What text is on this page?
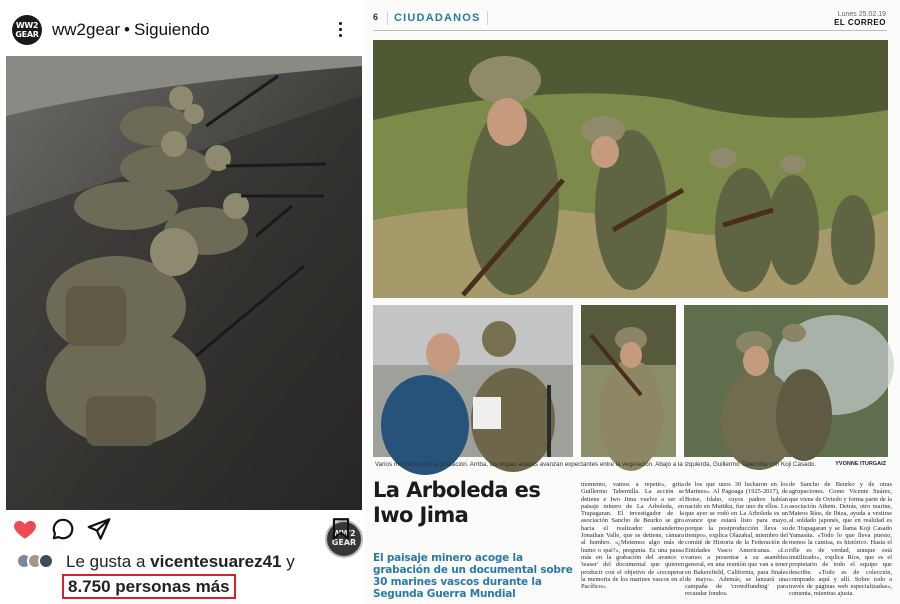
WW2
GEAR ww2gear • Siguiendo
WW2
GEAR
Le gusta a vicentesuarez41 y
8.750 personas más
6	CIUDADANOS	Lunes 25.02.19
EL CORREO
Varios momentos de la grabación. Arriba, las tropas aliadas avanzan expectantes entre la vegetación. Abajo a la izquierda, Guillermo Tabernilla con Koji Casado.	YVONNE ITURGAIZ
La Arboleda es Iwo Jima
El paisaje minero acoge la grabación de un documental sobre 30 marines vascos durante la Segunda Guerra Mundial
momento, vamos a repetir», grita Guillermo Tabernilla. La acción se detiene e Iwo Jima vuelve a ser el paisaje minero de La Arboleda, en Trapagaran. El investigador de la asociación Sancho de Beurko se gira hacia el realizador santanderino Jonathan Valle, que se detiene, cámara al hombro. «¿Metemos algo más de humo o qué?», pregunta. Es una pausa más en la grabación del avance o 'teaser' del documental que quieren producir con el objetivo de «recuperar la memoria de los marines vascos en el Pacífico».
de los que unos 30 lucharon en los Marines». Al Pagoaga (1925-2017), de Boise, Idaho, cuyos padres habían nacido en Muttiku, fue uno de ellos. Lo que ayer se rodó en La Arboleda es un avance que estará listo para mayo, porque la postproducción lleva su tiempo», explica Olazabal, miembro del comité de Historia de la Federación de Entidades Vasco Americanas. «Lo vamos a presentar a su asamblea general, en una reunión que van a tener en Bakersfield, California, para finales de mayo». Además, se lanzará una campaña de 'crowdfunding' para recaudar fondos.
de Sancho de Beurko y de otras agrupaciones. Como Vicente Suárez, que viene de Oviedo y forma parte de la asociación Athem. Detrás, otro marine, Mateos Ríos, de Ibiza, ayuda a vestirse al soldado japonés, que en realidad es de Trapagaran y se llama Koji Casado Yamasita. «Todo lo que lleva puesto, menos la camisa, es histórico. Hasta el rifle es de verdad, aunque está inutilizado», explica Ríos, que es el propietario de todo el equipo que describe. «Todo es de colección, comprado aquí y allí. Sobre todo a través de páginas web especializadas», comenta, mientras ajusta.
